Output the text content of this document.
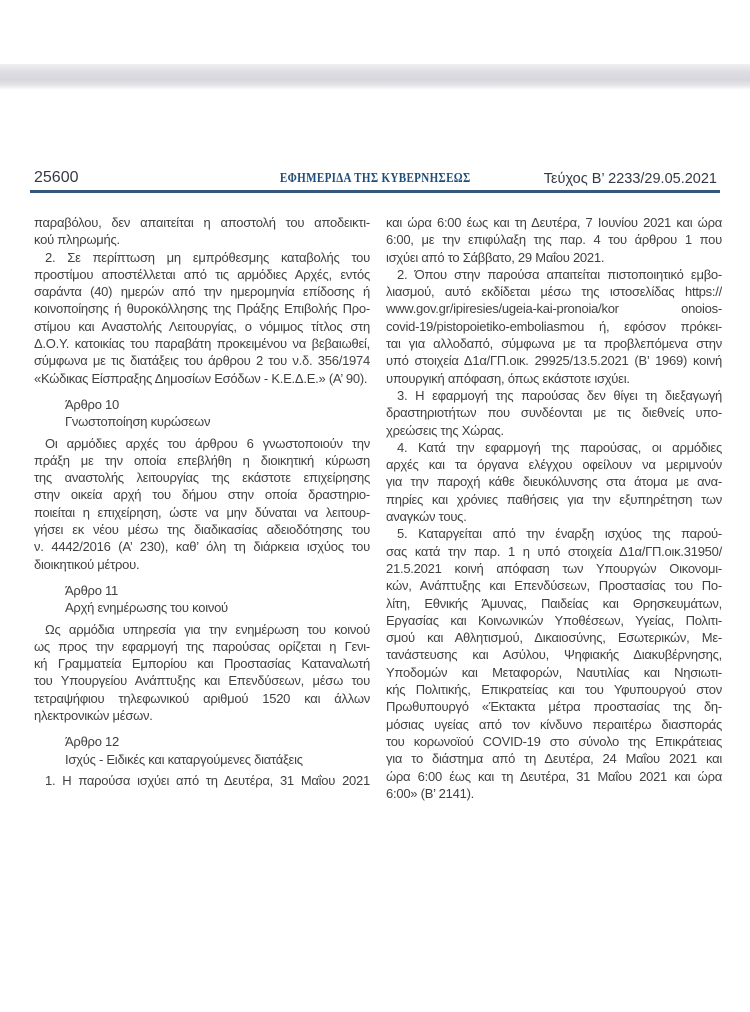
25600	ΕΦΗΜΕΡΙΔΑ ΤΗΣ ΚΥΒΕΡΝΗΣΕΩΣ	Τεύχος Β’ 2233/29.05.2021
παραβόλου, δεν απαιτείται η αποστολή του αποδεικτι-
κού πληρωμής.
2. Σε περίπτωση μη εμπρόθεσμης καταβολής του
προστίμου αποστέλλεται από τις αρμόδιες Αρχές, εντός
σαράντα (40) ημερών από την ημερομηνία επίδοσης ή
κοινοποίησης ή θυροκόλλησης της Πράξης Επιβολής Προ-
στίμου και Αναστολής Λειτουργίας, ο νόμιμος τίτλος στη
Δ.Ο.Υ. κατοικίας του παραβάτη προκειμένου να βεβαιωθεί,
σύμφωνα με τις διατάξεις του άρθρου 2 του ν.δ. 356/1974
«Κώδικας Είσπραξης Δημοσίων Εσόδων - Κ.Ε.Δ.Ε.» (Α’ 90).
Άρθρο 10
Γνωστοποίηση κυρώσεων
Οι αρμόδιες αρχές του άρθρου 6 γνωστοποιούν την
πράξη με την οποία επεβλήθη η διοικητική κύρωση
της αναστολής λειτουργίας της εκάστοτε επιχείρησης
στην οικεία αρχή του δήμου στην οποία δραστηριο-
ποιείται η επιχείρηση, ώστε να μην δύναται να λειτουρ-
γήσει εκ νέου μέσω της διαδικασίας αδειοδότησης του
ν. 4442/2016 (Α’ 230), καθ’ όλη τη διάρκεια ισχύος του
διοικητικού μέτρου.
Άρθρο 11
Αρχή ενημέρωσης του κοινού
Ως αρμόδια υπηρεσία για την ενημέρωση του κοινού
ως προς την εφαρμογή της παρούσας ορίζεται η Γενι-
κή Γραμματεία Εμπορίου και Προστασίας Καταναλωτή
του Υπουργείου Ανάπτυξης και Επενδύσεων, μέσω του
τετραψήφιου τηλεφωνικού αριθμού 1520 και άλλων
ηλεκτρονικών μέσων.
Άρθρο 12
Ισχύς - Ειδικές και καταργούμενες διατάξεις
1. Η παρούσα ισχύει από τη Δευτέρα, 31 Μαΐου 2021
και ώρα 6:00 έως και τη Δευτέρα, 7 Ιουνίου 2021 και ώρα
6:00, με την επιφύλαξη της παρ. 4 του άρθρου 1 που
ισχύει από το Σάββατο, 29 Μαΐου 2021.
2. Όπου στην παρούσα απαιτείται πιστοποιητικό εμβο-
λιασμού, αυτό εκδίδεται μέσω της ιστοσελίδας https://
www.gov.gr/ipiresies/ugeia-kai-pronoia/kor onoios-
covid-19/pistopoietiko-emboliasmou ή, εφόσον πρόκει-
ται για αλλοδαπό, σύμφωνα με τα προβλεπόμενα στην
υπό στοιχεία Δ1α/ΓΠ.οικ. 29925/13.5.2021 (Β’ 1969) κοινή
υπουργική απόφαση, όπως εκάστοτε ισχύει.
3. Η εφαρμογή της παρούσας δεν θίγει τη διεξαγωγή
δραστηριοτήτων που συνδέονται με τις διεθνείς υπο-
χρεώσεις της Χώρας.
4. Κατά την εφαρμογή της παρούσας, οι αρμόδιες
αρχές και τα όργανα ελέγχου οφείλουν να μεριμνούν
για την παροχή κάθε διευκόλυνσης στα άτομα με ανα-
πηρίες και χρόνιες παθήσεις για την εξυπηρέτηση των
αναγκών τους.
5. Καταργείται από την έναρξη ισχύος της παρού-
σας κατά την παρ. 1 η υπό στοιχεία Δ1α/ΓΠ.οικ.31950/
21.5.2021 κοινή απόφαση των Υπουργών Οικονομι-
κών, Ανάπτυξης και Επενδύσεων, Προστασίας του Πο-
λίτη, Εθνικής Άμυνας, Παιδείας και Θρησκευμάτων,
Εργασίας και Κοινωνικών Υποθέσεων, Υγείας, Πολιτι-
σμού και Αθλητισμού, Δικαιοσύνης, Εσωτερικών, Με-
τανάστευσης και Ασύλου, Ψηφιακής Διακυβέρνησης,
Υποδομών και Μεταφορών, Ναυτιλίας και Νησιωτι-
κής Πολιτικής, Επικρατείας και του Υφυπουργού στον
Πρωθυπουργό «Έκτακτα μέτρα προστασίας της δη-
μόσιας υγείας από τον κίνδυνο περαιτέρω διασποράς
του κορωνοϊού COVID-19 στο σύνολο της Επικράτειας
για το διάστημα από τη Δευτέρα, 24 Μαΐου 2021 και
ώρα 6:00 έως και τη Δευτέρα, 31 Μαΐου 2021 και ώρα
6:00» (Β’ 2141).
